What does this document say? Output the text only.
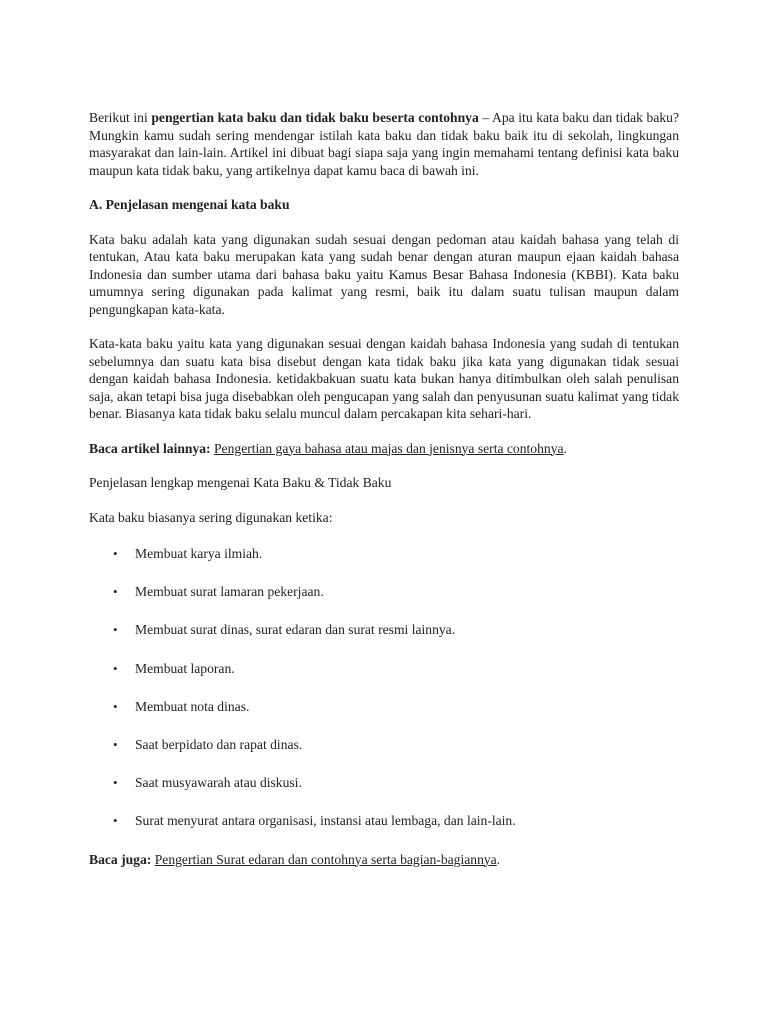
Berikut ini pengertian kata baku dan tidak baku beserta contohnya – Apa itu kata baku dan tidak baku? Mungkin kamu sudah sering mendengar istilah kata baku dan tidak baku baik itu di sekolah, lingkungan masyarakat dan lain-lain. Artikel ini dibuat bagi siapa saja yang ingin memahami tentang definisi kata baku maupun kata tidak baku, yang artikelnya dapat kamu baca di bawah ini.

A. Penjelasan mengenai kata baku

Kata baku adalah kata yang digunakan sudah sesuai dengan pedoman atau kaidah bahasa yang telah di tentukan, Atau kata baku merupakan kata yang sudah benar dengan aturan maupun ejaan kaidah bahasa Indonesia dan sumber utama dari bahasa baku yaitu Kamus Besar Bahasa Indonesia (KBBI). Kata baku umumnya sering digunakan pada kalimat yang resmi, baik itu dalam suatu tulisan maupun dalam pengungkapan kata-kata.

Kata-kata baku yaitu kata yang digunakan sesuai dengan kaidah bahasa Indonesia yang sudah di tentukan sebelumnya dan suatu kata bisa disebut dengan kata tidak baku jika kata yang digunakan tidak sesuai dengan kaidah bahasa Indonesia. ketidakbakuan suatu kata bukan hanya ditimbulkan oleh salah penulisan saja, akan tetapi bisa juga disebabkan oleh pengucapan yang salah dan penyusunan suatu kalimat yang tidak benar. Biasanya kata tidak baku selalu muncul dalam percakapan kita sehari-hari.

Baca artikel lainnya: Pengertian gaya bahasa atau majas dan jenisnya serta contohnya.

Penjelasan lengkap mengenai Kata Baku & Tidak Baku

Kata baku biasanya sering digunakan ketika:

• Membuat karya ilmiah.
• Membuat surat lamaran pekerjaan.
• Membuat surat dinas, surat edaran dan surat resmi lainnya.
• Membuat laporan.
• Membuat nota dinas.
• Saat berpidato dan rapat dinas.
• Saat musyawarah atau diskusi.
• Surat menyurat antara organisasi, instansi atau lembaga, dan lain-lain.

Baca juga: Pengertian Surat edaran dan contohnya serta bagian-bagiannya.
